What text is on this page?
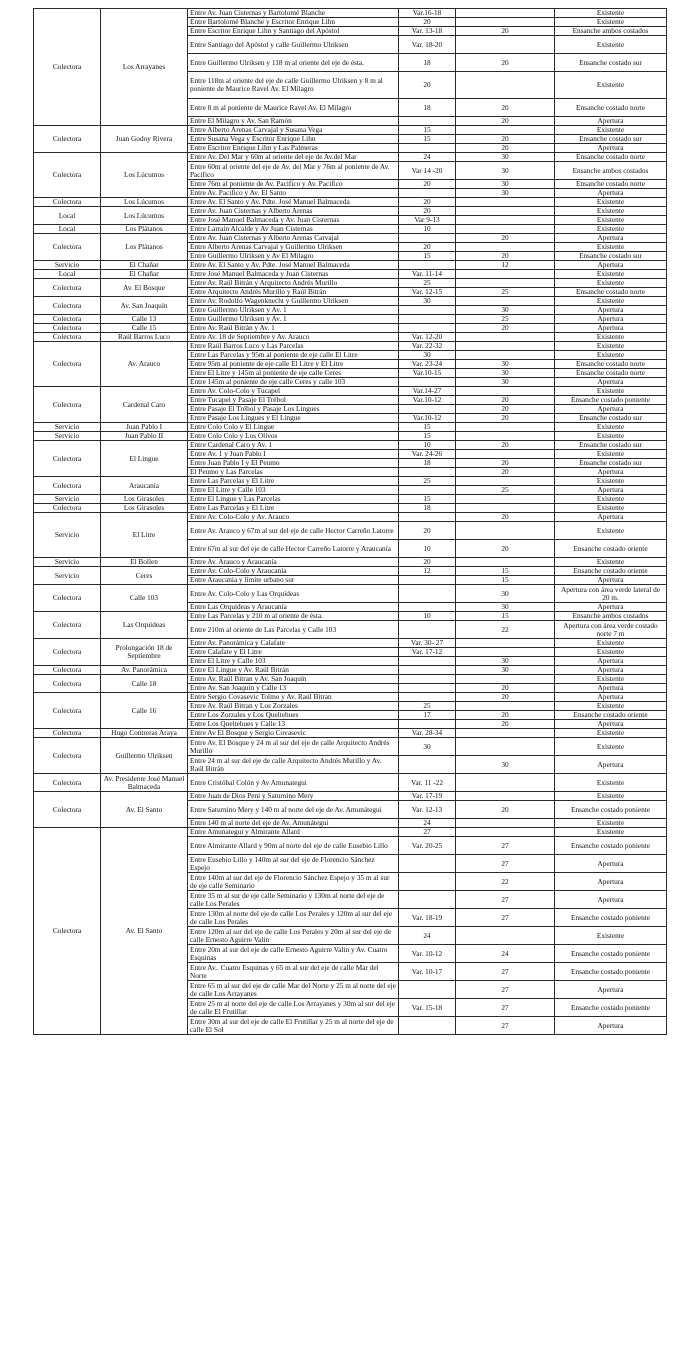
Colectora	Los Arrayanes	Entre Av. Juan Cisternas y Bartolomé Blanche	Var.16-18		Existente
		Entre Bartolomé Blanche y Escritor Enrique Lihn	20		Existente
		Entre Escritor Enrique Lihn y Santiago del Apóstol	Var. 13-18	20	Ensanche ambos costados
		Entre Santiago del Apóstol y calle Guillermo Ulriksen	Var. 18-20		Existente
		Entre Guillermo Ulriksen y 118 m al oriente del eje de ésta.	18	20	Ensanche costado sur
		Entre 118m al oriente del eje de calle Guillermo Ulriksen y 8 m al poniente de Maurice Ravel Av. El Milagro	20		Existente
		Entre 8 m al poniente de Maurice Ravel Av. El Milagro	18	20	Ensanche costado norte
		Entre El Milagro y Av. San Ramón		20	Apertura
Colectora	Juan Godoy Rivera	Entre Alberto Arenas Carvajal y Susana Vega	15		Existente
		Entre Susana Vega y Escritor Enrique Lihn	15	20	Ensanche costado sur
		Entre Escritor Enrique Lihn y Las Palmeras		20	Apertura
Colectora	Los Lúcumos	Entre Av. Del Mar y 60m al oriente del eje de Av.del Mar	24	30	Ensanche costado norte
		Entre 60m al oriente del eje de Av. del Mar y 76m al poniente de Av. Pacifico	Var 14 -20	30	Ensanche ambos costados
		Entre 76m al poniente de Av. Pacifico y Av. Pacifico	20	30	Ensanche costado norte
		Entre Av. Pacifico y Av. El Santo		30	Apertura
Colectora	Los Lúcumos	Entre Av. El Santo y Av. Pdte. José Manuel Balmaceda	20		Existente
Local	Los Lúcumos	Entre Av. Juan Cisternas y Alberto Arenas	20		Existente
		Entre José Manuel Balmaceda y Av. Juan Cisternas	Var 9-13		Existente
Local	Los Plátanos	Entre Larraín Alcalde y Av Juan Cisternas	10		Existente
Colectora	Los Plátanos	Entre Av. Juan Cisternas y Alberto Arenas Carvajal		20	Apertura
		Entre Alberto Arenas Carvajal y Guillermo Ulriksen	20		Existente
		Entre Guillermo Ulriksen y Av El Milagro	15	20	Ensanche costado sur
Servicio	El Chañar	Entre Av. El Santo y Av. Pdte. José Manuel Balmaceda		12	Apertura
Local	El Chañar	Entre José Manuel Balmaceda y Juan Cisternas	Var. 11-14		Existente
Colectora	Av. El Bosque	Entre Av. Raúl Bitrán y Arquitecto Andrés Murillo	25		Existente
		Entre Arquitecto Andrés Murillo y Raúl Bitrán	Var. 12-15	25	Ensanche costado norte
Colectora	Av. San Joaquín	Entre Av. Rodolfo Wagenknecht y Guillermo Ulriksen	30		Existente
		Entre Guillermo Ulriksen y Av. 1		30	Apertura
Colectora	Calle 13	Entre Guillermo Ulriksen y Av. 1		25	Apertura
Colectora	Calle 15	Entre Av. Raúl Bitrán y Av. 1		20	Apertura
Colectora	Raúl Barros Luco	Entre Av. 18 de Septiembre y Av. Arauco	Var. 12-20		Existente
Colectora	Av. Arauco	Entre Raúl Barros Luco y Las Parcelas	Var. 22-32		Existente
		Entre Las Parcelas y 95m al poniente de eje calle El Litre	30		Existente
		Entre 95m al poniente de eje calle El Litre y El Litre	Var. 23-24	30	Ensanche costado norte
		Entre El Litre y 145m al poniente de eje calle Ceres	Var.10-15	30	Ensanche costado norte
		Entre 145m al poniente de eje calle Ceres y calle 103		30	Apertura
Colectora	Cardenal Caro	Entre Av. Colo-Colo y Tucapel	Var.14-27		Existente
		Entre Tucapel y Pasaje El Trébol	Var.10-12	20	Ensanche costado poniente
		Entre Pasaje El Trébol y Pasaje Los Lingues		20	Apertura
		Entre Pasaje Los Lingues y El Lingue	Var.10-12	20	Ensanche costado sur
Servicio	Juan Pablo I	Entre Colo Colo y El Lingue	15		Existente
Servicio	Juan Pablo II	Entre Colo Colo y Los Olivos	15		Existente
Colectora	El Lingue	Entre Cardenal Caro y Av. 1	10	20	Ensanche costado sur
		Entre Av. 1 y Juan Pablo I	Var. 24-26		Existente
		Entre Juan Pablo I y El Peumo	18	20	Ensanche costado sur
		El Peumo y Las Parcelas		20	Apertura
Colectora	Araucanía	Entre Las Parcelas y El Litre	25		Existente
		Entre El Litre y Calle 103		25	Apertura
Servicio	Los Girasoles	Entre El Lingue y Las Parcelas	15		Existente
Colectora	Los Girasoles	Entre Las Parcelas y El Litre	18		Existente
Servicio	El Litre	Entre Av. Colo-Colo y Av. Arauco		20	Apertura
		Entre Av. Arauco y 67m al sur del eje de calle Hector Carreño Latorre	20		Existente
		Entre 67m al sur del eje de calle Hector Carreño Latorre y Araucanía	10	20	Ensanche costado oriente
Servicio	El Bollen	Entre Av. Arauco y Araucanía	20		Existente
Servicio	Ceres	Entre Av. Colo-Colo y Araucanía	12	15	Ensanche costado oriente
		Entre Araucanía y límite urbano sur		15	Apertura
Colectora	Calle 103	Entre Av. Colo-Colo y Las Orquídeas		30	Apertura con área verde lateral de 20 m.
		Entre Las Orquídeas y Araucanía		30	Apertura
Colectora	Las Orquídeas	Entre Las Parcelas y 210 m al oriente de ésta.	10	15	Ensanche ambos costados
		Entre 210m al oriente de Las Parcelas y Calle 103		22	Apertura con área verde costado norte 7 m
Colectora	Prolongación 18 de Septiembre	Entre Av. Panorámica y Calafate	Var. 30- 27		Existente
		Entre Calafate y El Litre	Var. 17-12		Existente
		Entre El Litre y Calle 103		30	Apertura
Colectora	Av. Panorámica	Entre El Lingue y Av. Raúl Bitrán		30	Apertura
Colectora	Calle 18	Entre Av. Raúl Bitran y Av. San Joaquín			Existente
		Entre Av. San Joaquín y Calle 13		20	Apertura
Colectora	Calle 16	Entre Sergio Covasevic Tolmo y Av. Raúl Bitran		20	Apertura
		Entre Av. Raúl Bitran y Los Zorzales	25		Existente
		Entre Los Zorzales y Los Queltehues	17	20	Ensanche costado oriente
		Entre Los Queltehues y Calle 13		20	Apertura
Colectora	Hugo Contreras Araya	Entre Av El Bosque y Sergio Covasevic	Var. 28-34		Existente
Colectora	Guillermo Ulriksen	Entre Av. El Bosque y 24 m al sur del eje de calle Arquitecto Andrés Murillo	30		Existente
		Entre 24 m al sur del eje de calle Arquitecto Andrés Murillo y Av. Raúl Bitrán		30	Apertura
Colectora	Av. Presidente José Manuel Balmaceda	Entre Cristóbal Colón y Av Amunategui	Var. 11 -22		Existente
Colectora	Av. El Santo	Entre Juan de Dios Peni y Saturnino Mery	Var. 17-19		Existente
		Entre Saturnino Mery y 140 m al norte del eje de Av. Amunátegui	Var. 12-13	20	Ensanche costado poniente
		Entre 140 m al norte del eje de Av. Amunátegui	24		Existente
Colectora	Av. El Santo	Entre Amunategui y Almirante Allard	27		Existente
		Entre Almirante Allard y 90m al norte del eje de calle Eusebio Lillo	Var. 20-25	27	Ensanche costado poniente
		Entre Eusebio Lillo y 140m al sur del eje de Florencio Sánchez Espejo		27	Apertura
		Entre 140m al sur del eje de Florencio Sánchez Espejo y 35 m al sur de eje calle Seminario		22	Apertura
		Entre 35 m al sur de eje calle Seminario y 130m al norte del eje de calle Los Perales		27	Apertura
		Entre 130m al norte del eje de calle Los Perales y 120m al sur del eje de calle Los Perales	Var. 18-19	27	Ensanche costado poniente
		Entre 120m al sur del eje de calle Los Perales y 20m al sur del eje de calle Ernesto Aguirre Valin	24		Existente
		Entre 20m al sur del eje de calle Ernesto Aguirre Valin y Av. Cuatro Esquinas	Var. 10-12	24	Ensanche costado poniente
		Entre Av.. Cuatro Esquinas y 65 m al sur del eje de calle Mar del Norte	Var. 10-17	27	Ensanche costado poniente
		Entre 65 m al sur del eje de calle Mar del Norte y 25 m al norte del eje de calle Los Arrayanes		27	Apertura
		Entre 25 m al norte del eje de calle Los Arrayanes y 30m al sur del eje de calle El Frutillar	Var. 15-18	27	Ensanche costado poniente
		Entre 30m al sur del eje de calle El Frutillar y 25 m al norte del eje de calle El Sol		27	Apertura
